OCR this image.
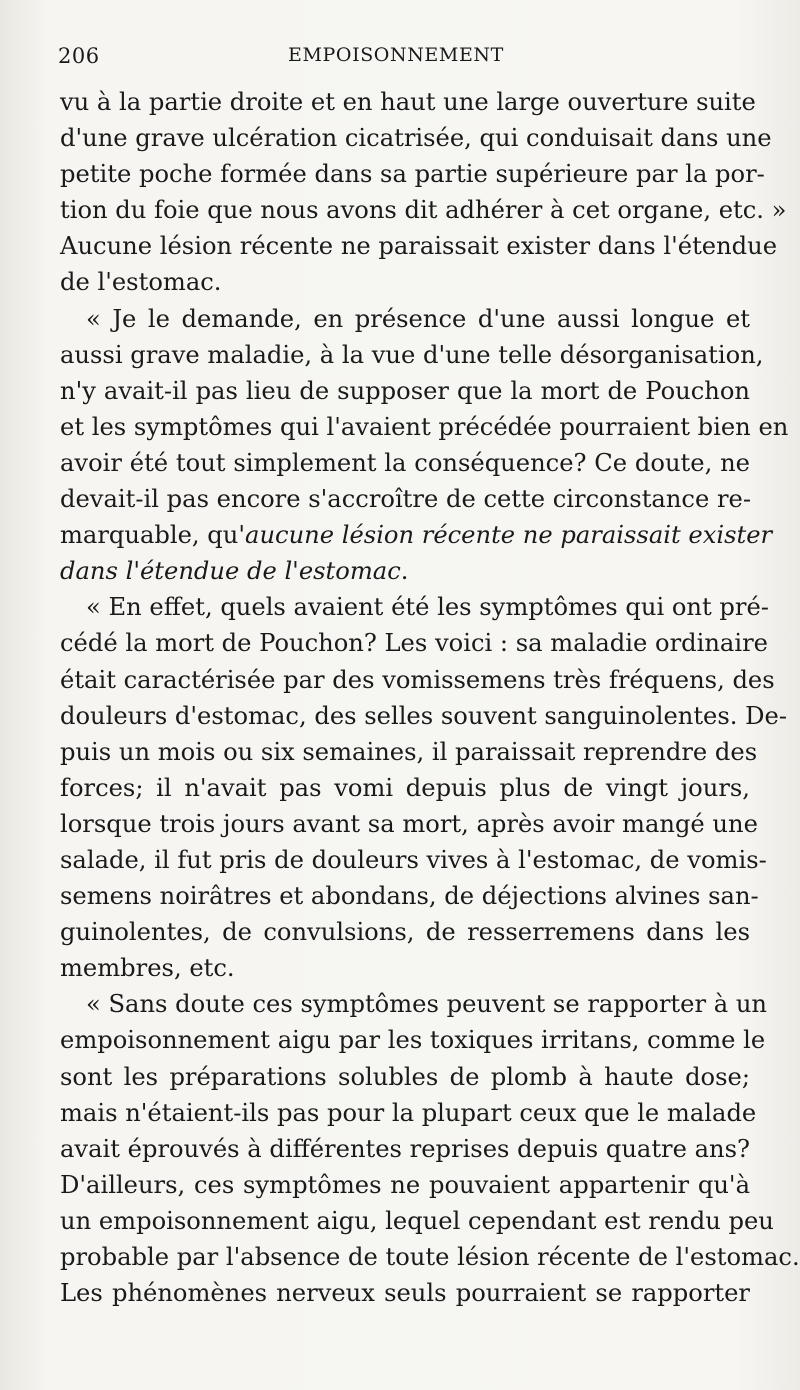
206	EMPOISONNEMENT
vu à la partie droite et en haut une large ouverture suite
d'une grave ulcération cicatrisée, qui conduisait dans une
petite poche formée dans sa partie supérieure par la por-
tion du foie que nous avons dit adhérer à cet organe, etc. »
Aucune lésion récente ne paraissait exister dans l'étendue
de l'estomac.
« Je le demande, en présence d'une aussi longue et
aussi grave maladie, à la vue d'une telle désorganisation,
n'y avait-il pas lieu de supposer que la mort de Pouchon
et les symptômes qui l'avaient précédée pourraient bien en
avoir été tout simplement la conséquence? Ce doute, ne
devait-il pas encore s'accroître de cette circonstance re-
marquable, qu'aucune lésion récente ne paraissait exister
dans l'étendue de l'estomac.
« En effet, quels avaient été les symptômes qui ont pré-
cédé la mort de Pouchon? Les voici : sa maladie ordinaire
était caractérisée par des vomissemens très fréquens, des
douleurs d'estomac, des selles souvent sanguinolentes. De-
puis un mois ou six semaines, il paraissait reprendre des
forces; il n'avait pas vomi depuis plus de vingt jours,
lorsque trois jours avant sa mort, après avoir mangé une
salade, il fut pris de douleurs vives à l'estomac, de vomis-
semens noirâtres et abondans, de déjections alvines san-
guinolentes, de convulsions, de resserremens dans les
membres, etc.
« Sans doute ces symptômes peuvent se rapporter à un
empoisonnement aigu par les toxiques irritans, comme le
sont les préparations solubles de plomb à haute dose;
mais n'étaient-ils pas pour la plupart ceux que le malade
avait éprouvés à différentes reprises depuis quatre ans?
D'ailleurs, ces symptômes ne pouvaient appartenir qu'à
un empoisonnement aigu, lequel cependant est rendu peu
probable par l'absence de toute lésion récente de l'estomac.
Les phénomènes nerveux seuls pourraient se rapporter
